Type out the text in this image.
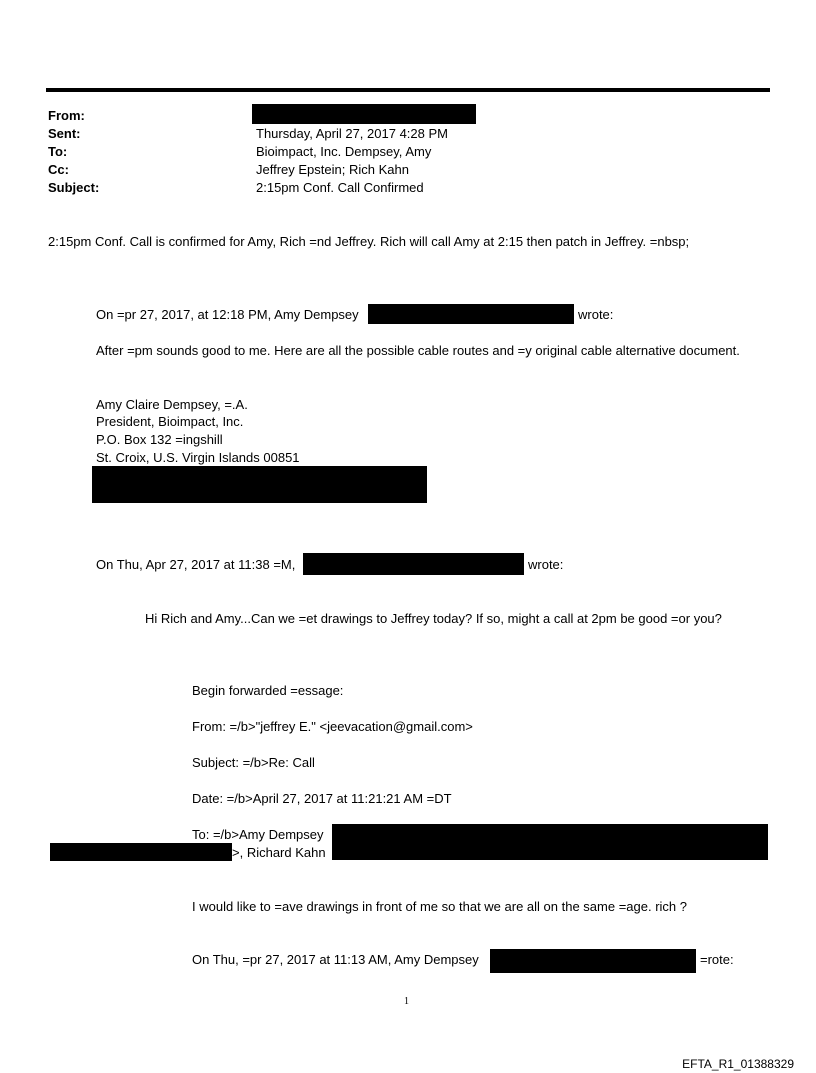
From:
Sent:	Thursday, April 27, 2017 4:28 PM
To:	Bioimpact, Inc. Dempsey, Amy
Cc:	Jeffrey Epstein; Rich Kahn
Subject:	2:15pm Conf. Call Confirmed
2:15pm Conf. Call is confirmed for Amy, Rich =nd Jeffrey. Rich will call Amy at 2:15 then patch in Jeffrey. =nbsp;
On =pr 27, 2017, at 12:18 PM, Amy Dempsey	wrote:
After =pm sounds good to me. Here are all the possible cable routes and =y original cable alternative document.
Amy Claire Dempsey, =.A.
President, Bioimpact, Inc.
P.O. Box 132 =ingshill
St. Croix, U.S. Virgin Islands 00851
On Thu, Apr 27, 2017 at 11:38 =M,	wrote:
Hi Rich and Amy...Can we =et drawings to Jeffrey today? If so, might a call at 2pm be good =or you?
Begin forwarded =essage:
From: =/b>"jeffrey E." <jeevacation@gmail.com>
Subject: =/b>Re: Call
Date: =/b>April 27, 2017 at 11:21:21 AM =DT
To: =/b>Amy Dempsey
>, Richard Kahn
I would like to =ave drawings in front of me so that we are all on the same =age. rich ?
On Thu, =pr 27, 2017 at 11:13 AM, Amy Dempsey	=rote:
1
EFTA_R1_01388329
